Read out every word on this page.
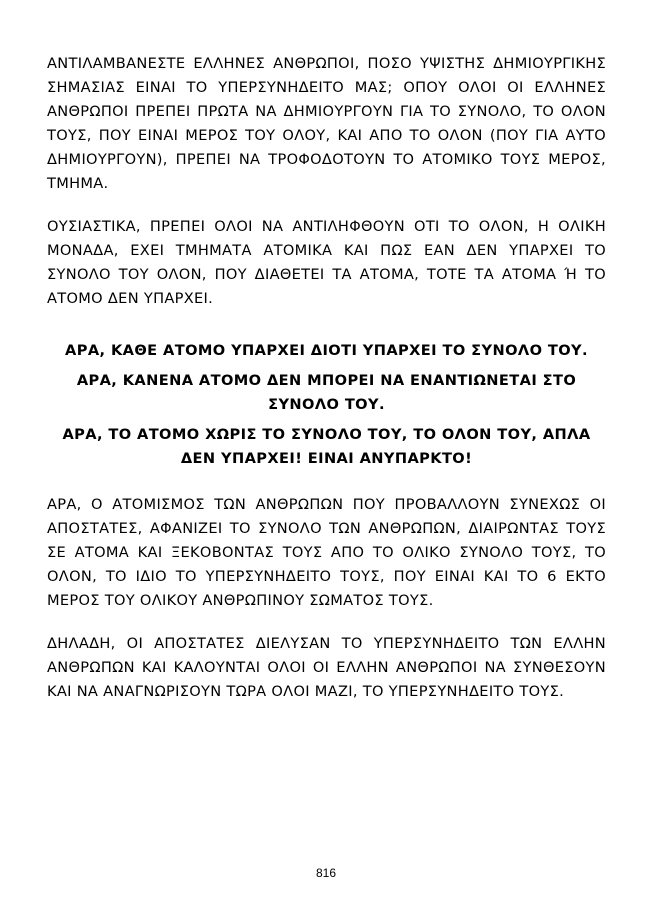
ΑΝΤΙΛΑΜΒΑΝΕΣΤΕ ΕΛΛΗΝΕΣ ΑΝΘΡΩΠΟΙ, ΠΟΣΟ ΥΨΙΣΤΗΣ ΔΗΜΙΟΥΡΓΙΚΗΣ ΣΗΜΑΣΙΑΣ ΕΙΝΑΙ ΤΟ ΥΠΕΡΣΥΝΗΔΕΙΤΟ ΜΑΣ; ΟΠΟΥ ΟΛΟΙ ΟΙ ΕΛΛΗΝΕΣ ΑΝΘΡΩΠΟΙ ΠΡΕΠΕΙ ΠΡΩΤΑ ΝΑ ΔΗΜΙΟΥΡΓΟΥΝ ΓΙΑ ΤΟ ΣΥΝΟΛΟ, ΤΟ ΟΛΟΝ ΤΟΥΣ, ΠΟΥ ΕΙΝΑΙ ΜΕΡΟΣ ΤΟΥ ΟΛΟΥ, ΚΑΙ ΑΠΟ ΤΟ ΟΛΟΝ (ΠΟΥ ΓΙΑ ΑΥΤΟ ΔΗΜΙΟΥΡΓΟΥΝ), ΠΡΕΠΕΙ ΝΑ ΤΡΟΦΟΔΟΤΟΥΝ ΤΟ ΑΤΟΜΙΚΟ ΤΟΥΣ ΜΕΡΟΣ, ΤΜΗΜΑ.

ΟΥΣΙΑΣΤΙΚΑ, ΠΡΕΠΕΙ ΟΛΟΙ ΝΑ ΑΝΤΙΛΗΦΘΟΥΝ ΟΤΙ ΤΟ ΟΛΟΝ, Η ΟΛΙΚΗ ΜΟΝΑΔΑ, ΕΧΕΙ ΤΜΗΜΑΤΑ ΑΤΟΜΙΚΑ ΚΑΙ ΠΩΣ ΕΑΝ ΔΕΝ ΥΠΑΡΧΕΙ ΤΟ ΣΥΝΟΛΟ ΤΟΥ ΟΛΟΝ, ΠΟΥ ΔΙΑΘΕΤΕΙ ΤΑ ΑΤΟΜΑ, ΤΟΤΕ ΤΑ ΑΤΟΜΑ Ή ΤΟ ΑΤΟΜΟ ΔΕΝ ΥΠΑΡΧΕΙ.

ΑΡΑ, ΚΑΘΕ ΑΤΟΜΟ ΥΠΑΡΧΕΙ ΔΙΟΤΙ ΥΠΑΡΧΕΙ ΤΟ ΣΥΝΟΛΟ ΤΟΥ.

ΑΡΑ, ΚΑΝΕΝΑ ΑΤΟΜΟ ΔΕΝ ΜΠΟΡΕΙ ΝΑ ΕΝΑΝΤΙΩΝΕΤΑΙ ΣΤΟ ΣΥΝΟΛΟ ΤΟΥ.

ΑΡΑ, ΤΟ ΑΤΟΜΟ ΧΩΡΙΣ ΤΟ ΣΥΝΟΛΟ ΤΟΥ, ΤΟ ΟΛΟΝ ΤΟΥ, ΑΠΛΑ ΔΕΝ ΥΠΑΡΧΕΙ! ΕΙΝΑΙ ΑΝΥΠΑΡΚΤΟ!

ΑΡΑ, Ο ΑΤΟΜΙΣΜΟΣ ΤΩΝ ΑΝΘΡΩΠΩΝ ΠΟΥ ΠΡΟΒΑΛΛΟΥΝ ΣΥΝΕΧΩΣ ΟΙ ΑΠΟΣΤΑΤΕΣ, ΑΦΑΝΙΖΕΙ ΤΟ ΣΥΝΟΛΟ ΤΩΝ ΑΝΘΡΩΠΩΝ, ΔΙΑΙΡΩΝΤΑΣ ΤΟΥΣ ΣΕ ΑΤΟΜΑ ΚΑΙ ΞΕΚΟΒΟΝΤΑΣ ΤΟΥΣ ΑΠΟ ΤΟ ΟΛΙΚΟ ΣΥΝΟΛΟ ΤΟΥΣ, ΤΟ ΟΛΟΝ, ΤΟ ΙΔΙΟ ΤΟ ΥΠΕΡΣΥΝΗΔΕΙΤΟ ΤΟΥΣ, ΠΟΥ ΕΙΝΑΙ ΚΑΙ ΤΟ 6 ΕΚΤΟ ΜΕΡΟΣ ΤΟΥ ΟΛΙΚΟΥ ΑΝΘΡΩΠΙΝΟΥ ΣΩΜΑΤΟΣ ΤΟΥΣ.

ΔΗΛΑΔΗ, ΟΙ ΑΠΟΣΤΑΤΕΣ ΔΙΕΛΥΣΑΝ ΤΟ ΥΠΕΡΣΥΝΗΔΕΙΤΟ ΤΩΝ ΕΛΛΗΝ ΑΝΘΡΩΠΩΝ ΚΑΙ ΚΑΛΟΥΝΤΑΙ ΟΛΟΙ ΟΙ ΕΛΛΗΝ ΑΝΘΡΩΠΟΙ ΝΑ ΣΥΝΘΕΣΟΥΝ ΚΑΙ ΝΑ ΑΝΑΓΝΩΡΙΣΟΥΝ ΤΩΡΑ ΟΛΟΙ ΜΑΖΙ, ΤΟ ΥΠΕΡΣΥΝΗΔΕΙΤΟ ΤΟΥΣ.

816
